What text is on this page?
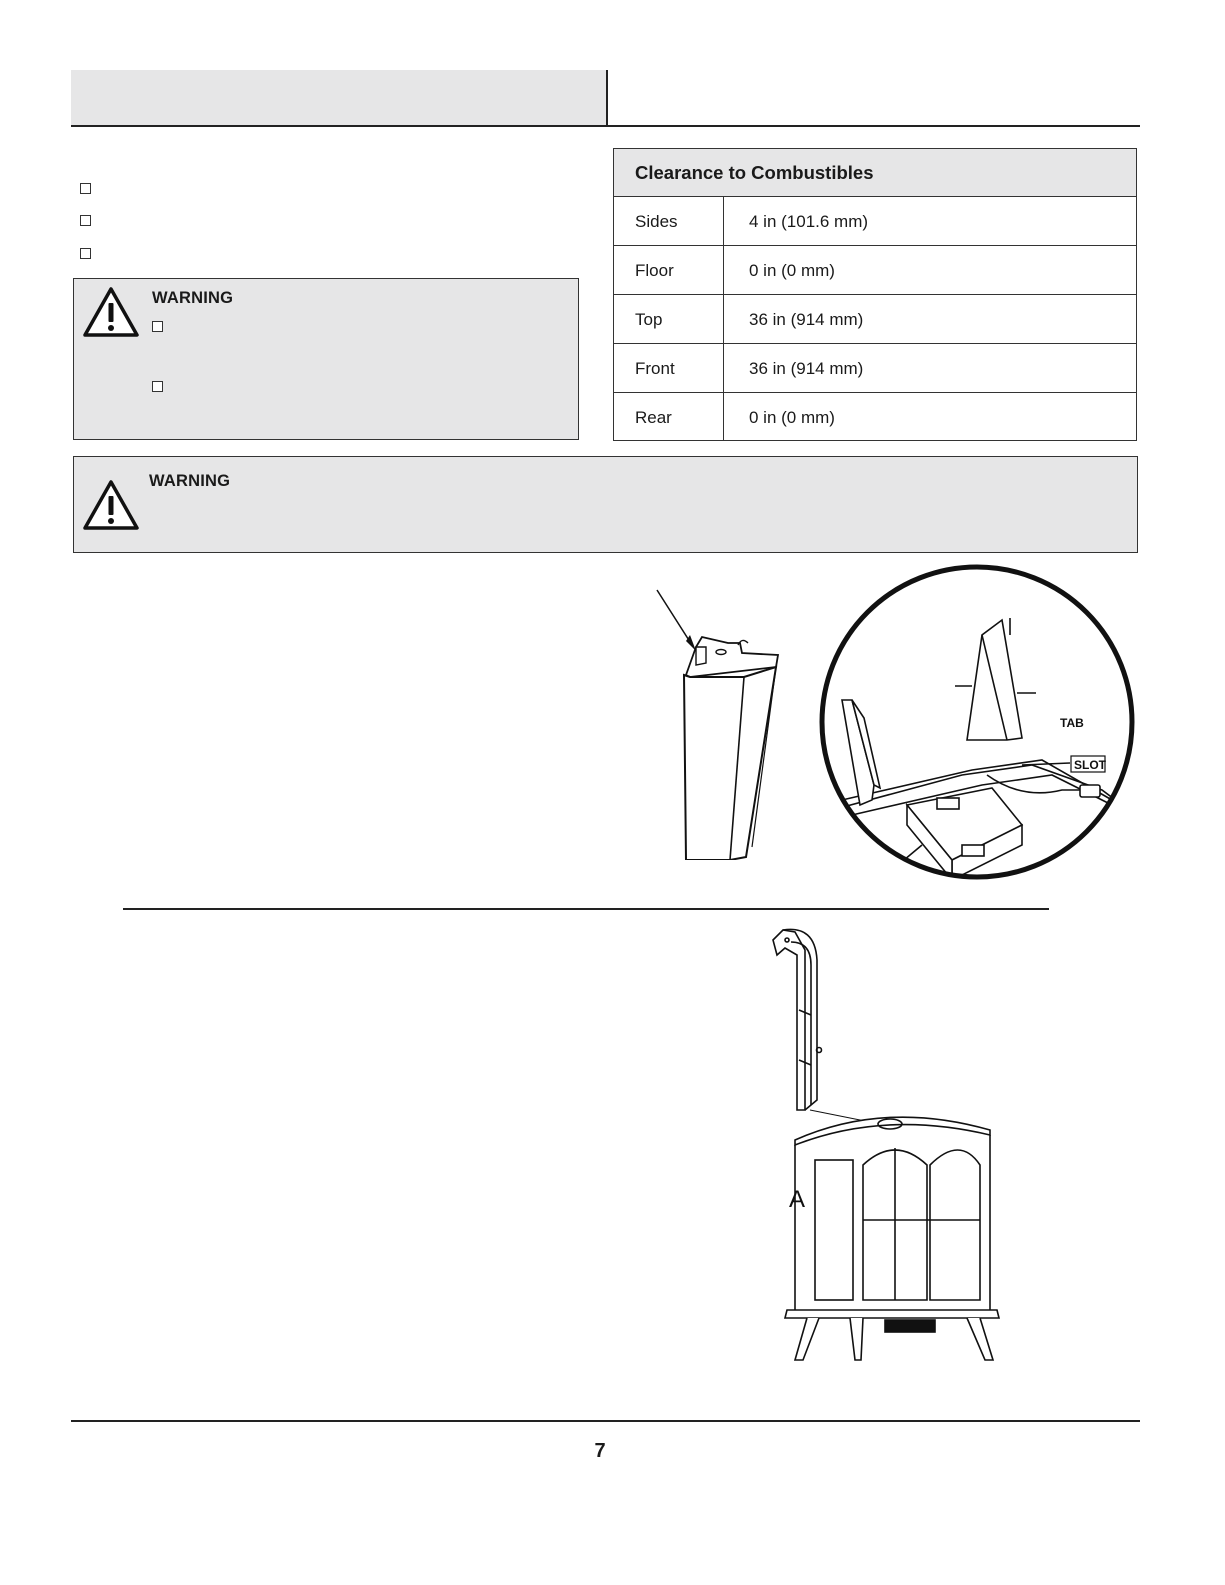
WARNING
Clearance to Combustibles
Sides	4 in (101.6 mm)
Floor	0 in (0 mm)
Top	36 in (914 mm)
Front	36 in (914 mm)
Rear	0 in (0 mm)
WARNING
TAB
SLOT
A
7
